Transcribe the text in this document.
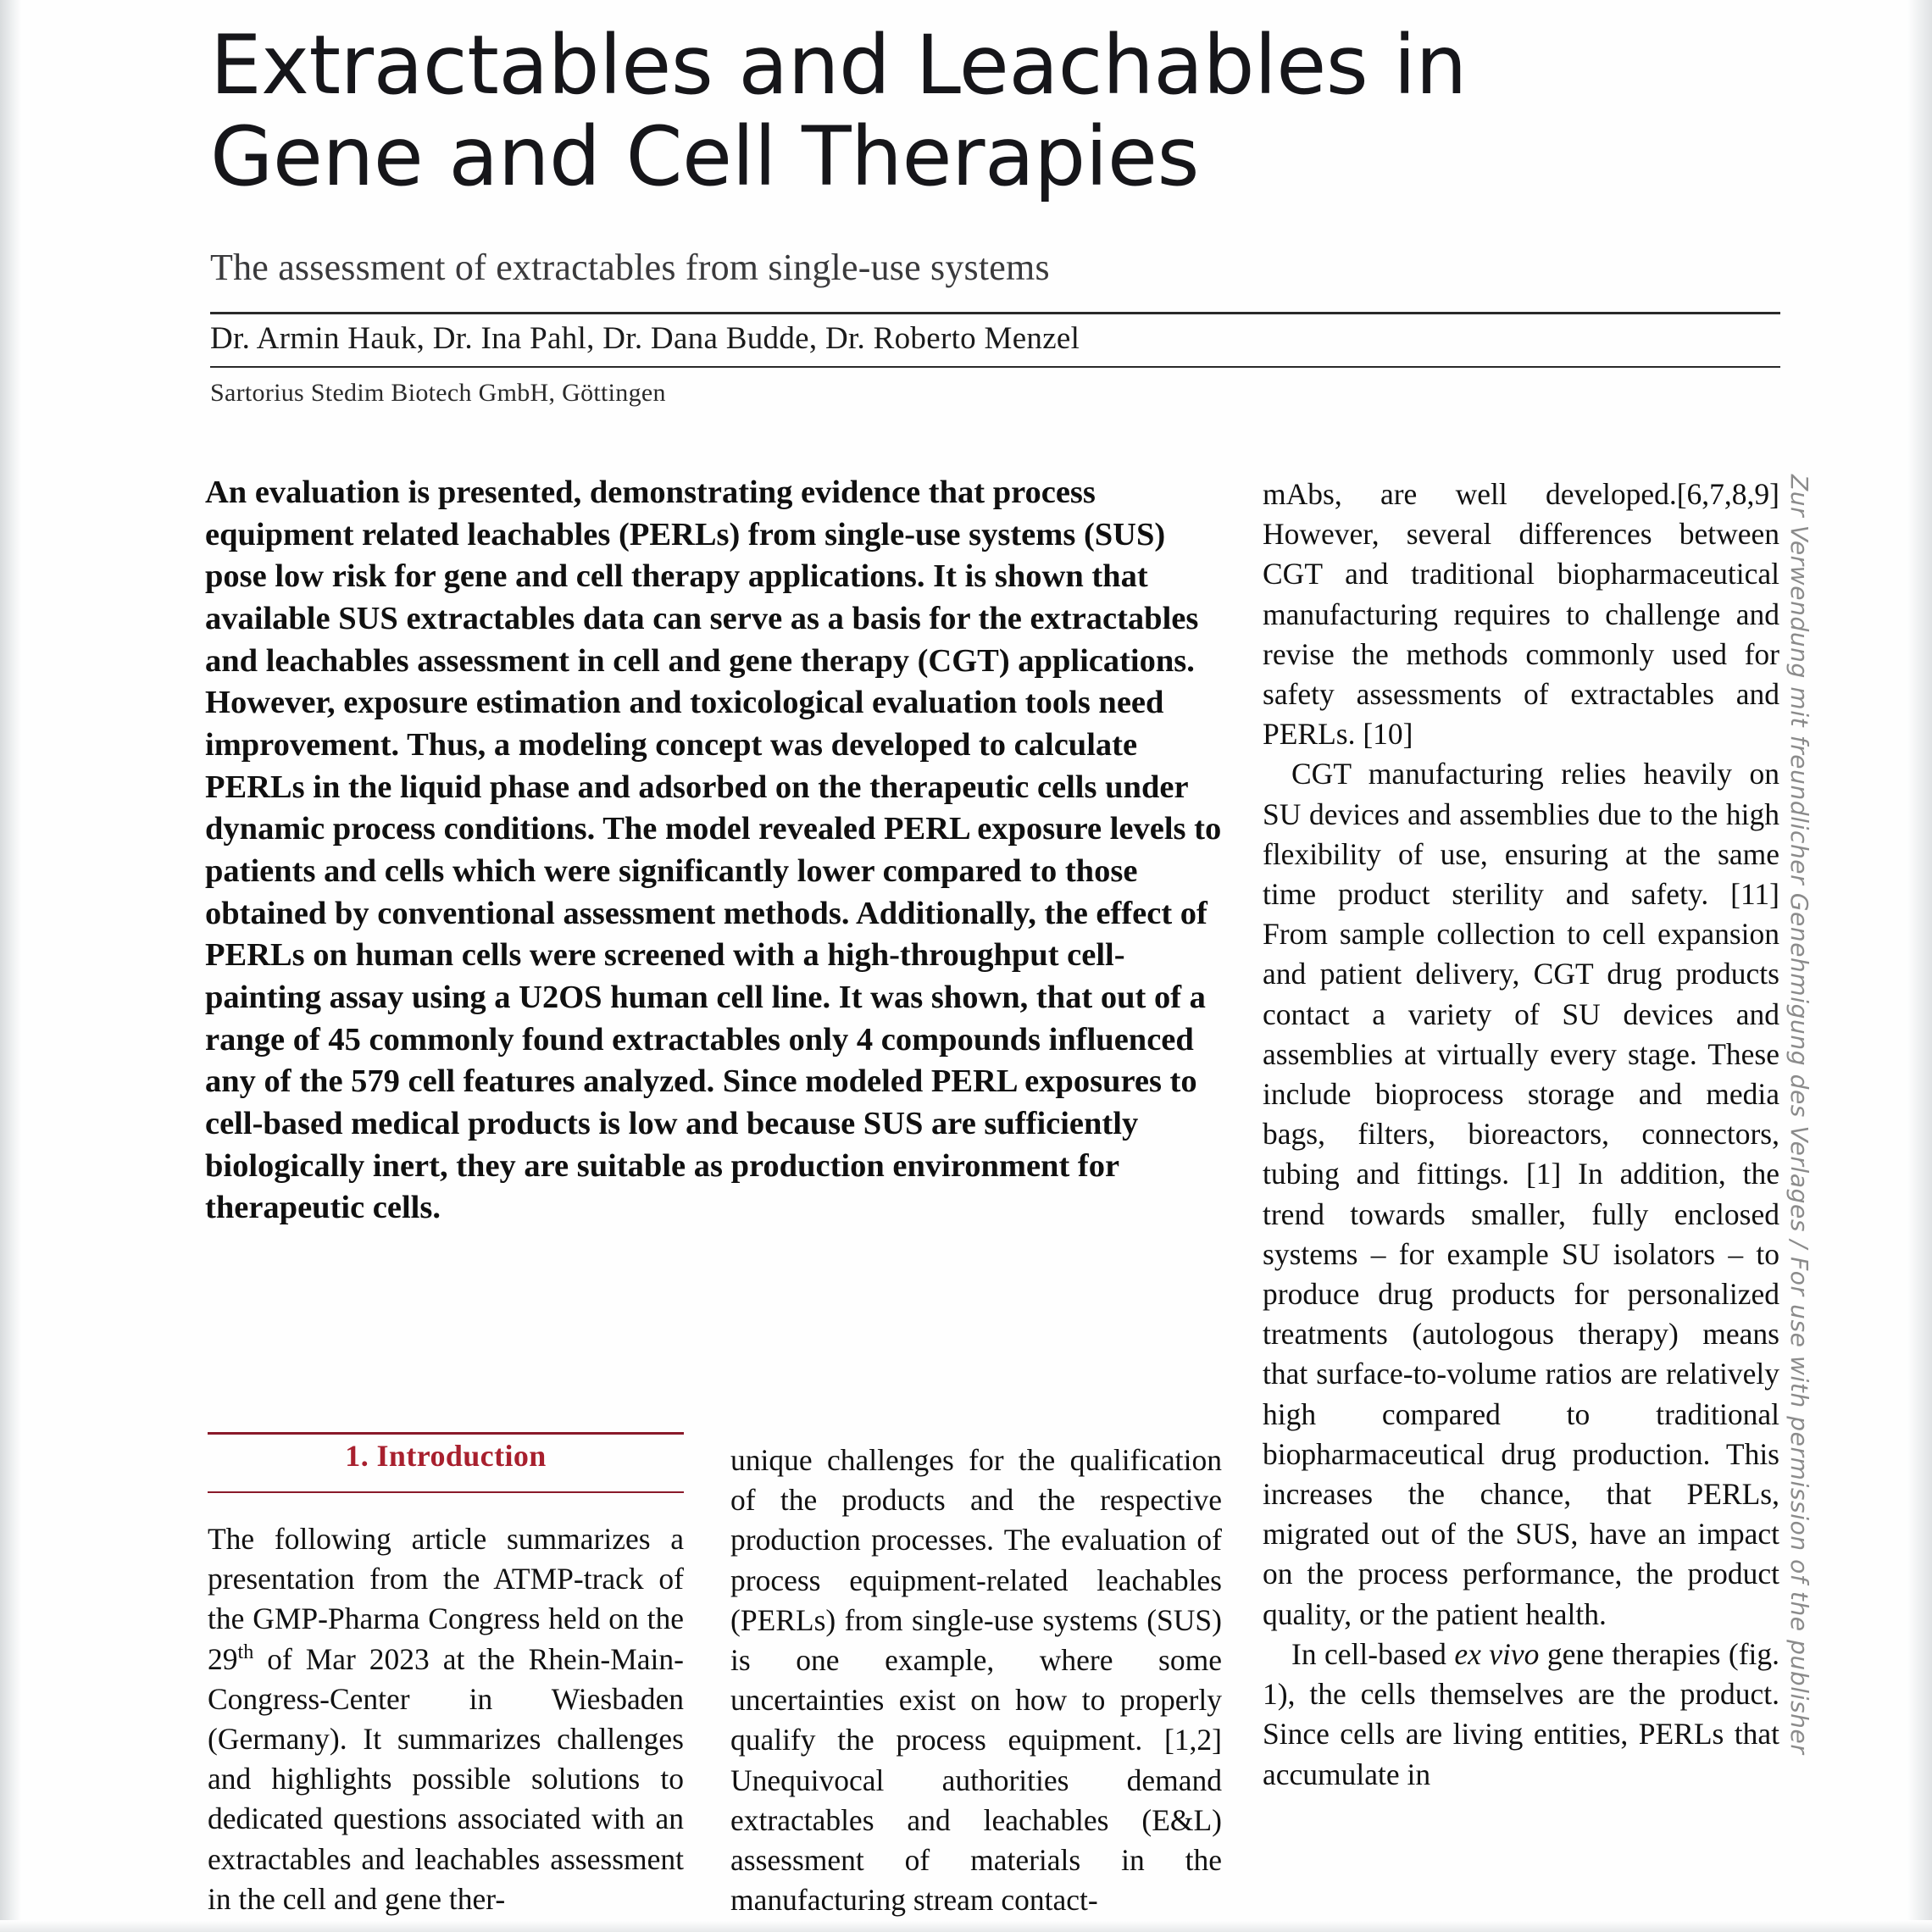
Extractables and Leachables in
Gene and Cell Therapies
The assessment of extractables from single-use systems
Dr. Armin Hauk, Dr. Ina Pahl, Dr. Dana Budde, Dr. Roberto Menzel
Sartorius Stedim Biotech GmbH, Göttingen
An evaluation is presented, demonstrating evidence that process equipment related leachables (PERLs) from single-use systems (SUS) pose low risk for gene and cell therapy applications. It is shown that available SUS extractables data can serve as a basis for the extractables and leachables assessment in cell and gene therapy (CGT) applications. However, exposure estimation and toxicological evaluation tools need improvement. Thus, a modeling concept was developed to calculate PERLs in the liquid phase and adsorbed on the therapeutic cells under dynamic process conditions. The model revealed PERL exposure levels to patients and cells which were significantly lower compared to those obtained by conventional assessment methods. Additionally, the effect of PERLs on human cells were screened with a high-throughput cell-painting assay using a U2OS human cell line. It was shown, that out of a range of 45 commonly found extractables only 4 compounds influenced any of the 579 cell features analyzed. Since modeled PERL exposures to cell-based medical products is low and because SUS are sufficiently biologically inert, they are suitable as production environment for therapeutic cells.
1. Introduction

The following article summarizes a presentation from the ATMP-track of the GMP-Pharma Congress held on the 29th of Mar 2023 at the Rhein-Main-Congress-Center in Wiesbaden (Germany). It summarizes challenges and highlights possible solutions to dedicated questions associated with an extractables and leachables assessment in the cell and gene ther-

unique challenges for the qualification of the products and the respective production processes. The evaluation of process equipment-related leachables (PERLs) from single-use systems (SUS) is one example, where some uncertainties exist on how to properly qualify the process equipment. [1,2] Unequivocal authorities demand extractables and leachables (E&L) assessment of materials in the manufacturing stream contact-

mAbs, are well developed.[6,7,8,9] However, several differences between CGT and traditional biopharmaceutical manufacturing requires to challenge and revise the methods commonly used for safety assessments of extractables and PERLs. [10]

CGT manufacturing relies heavily on SU devices and assemblies due to the high flexibility of use, ensuring at the same time product sterility and safety. [11] From sample collection to cell expansion and patient delivery, CGT drug products contact a variety of SU devices and assemblies at virtually every stage. These include bioprocess storage and media bags, filters, bioreactors, connectors, tubing and fittings. [1] In addition, the trend towards smaller, fully enclosed systems – for example SU isolators – to produce drug products for personalized treatments (autologous therapy) means that surface-to-volume ratios are relatively high compared to traditional biopharmaceutical drug production. This increases the chance, that PERLs, migrated out of the SUS, have an impact on the process performance, the product quality, or the patient health.

In cell-based ex vivo gene therapies (fig. 1), the cells themselves are the product. Since cells are living entities, PERLs that accumulate in

Zur Verwendung mit freundlicher Genehmigung des Verlages / For use with permission of the publisher
